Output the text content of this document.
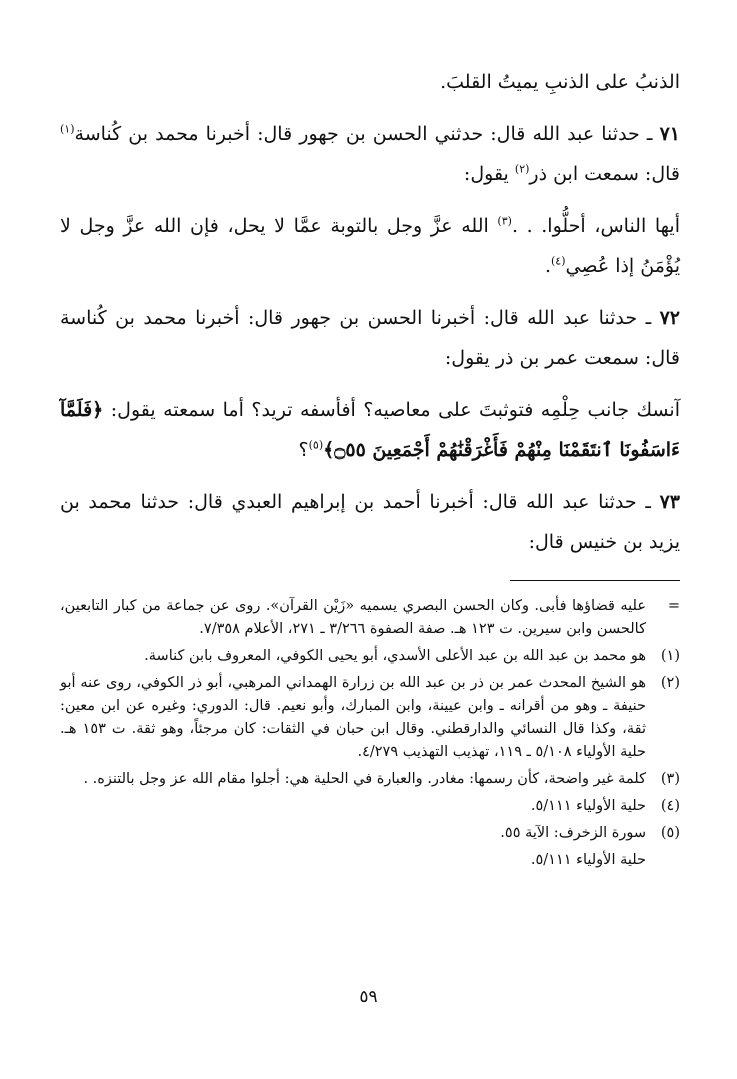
الذنبُ على الذنبِ يميتُ القلبَ.

٧١ ـ حدثنا عبد الله قال: حدثني الحسن بن جهور قال: أخبرنا محمد بن كُناسة$^{(١)}$ قال: سمعت ابن ذر$^{(٢)}$ يقول:

أيها الناس، أحلُّوا. . .$^{(٣)}$ الله عزَّ وجل بالتوبة عمَّا لا يحل، فإن الله عزَّ وجل لا يُؤْمَنُ إذا عُصِي$^{(٤)}$.

٧٢ ـ حدثنا عبد الله قال: أخبرنا الحسن بن جهور قال: أخبرنا محمد بن كُناسة قال: سمعت عمر بن ذر يقول:

آنسك جانب حِلْمِه فتوثبتَ على معاصيه؟ أفأسفه تريد؟ أما سمعته يقول: ﴿فَلَمَّآ ءَاسَفُونَا ٱنتَقَمْنَا مِنْهُمْ فَأَغْرَقْنَٰهُمْ أَجْمَعِينَ ۝٥٥﴾$^{(٥)}$؟

٧٣ ـ حدثنا عبد الله قال: أخبرنا أحمد بن إبراهيم العبدي قال: حدثنا محمد بن يزيد بن خنيس قال:

=
عليه قضاؤها فأبى. وكان الحسن البصري يسميه «زَيْن القرآن». روى عن جماعة من كبار التابعين، كالحسن وابن سيرين. ت ١٢٣ هـ. صفة الصفوة ٣/٢٦٦ ـ ٢٧١، الأعلام ٧/٣٥٨.
(١)
هو محمد بن عبد الله بن عبد الأعلى الأسدي، أبو يحيى الكوفي، المعروف بابن كناسة.
(٢)
هو الشيخ المحدث عمر بن ذر بن عبد الله بن زرارة الهمداني المرهبي، أبو ذر الكوفي، روى عنه أبو حنيفة ـ وهو من أقرانه ـ وابن عيينة، وابن المبارك، وأبو نعيم. قال: الدوري: وغيره عن ابن معين: ثقة، وكذا قال النسائي والدارقطني. وقال ابن حبان في الثقات: كان مرجئاً، وهو ثقة. ت ١٥٣ هـ. حلية الأولياء ٥/١٠٨ ـ ١١٩، تهذيب التهذيب ٤/٢٧٩.
(٣)
كلمة غير واضحة، كأن رسمها: مغادر. والعبارة في الحلية هي: أجلوا مقام الله عز وجل بالتنزه. .
(٤)
حلية الأولياء ٥/١١١.
(٥)
سورة الزخرف: الآية ٥٥.
حلية الأولياء ٥/١١١.
٥٩
